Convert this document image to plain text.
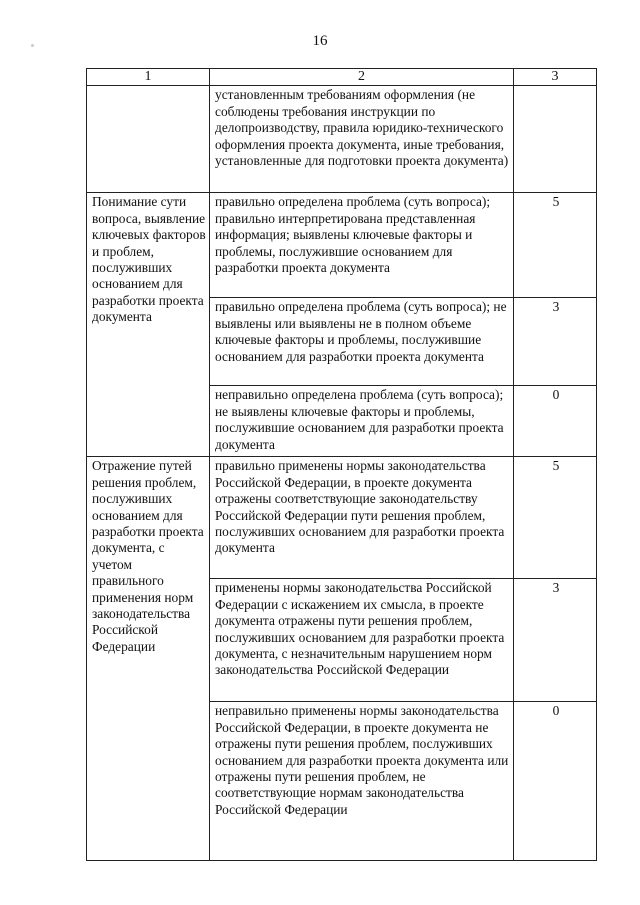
16
1	2	3
	установленным требованиям оформления (не соблюдены требования инструкции по делопроизводству, правила юридико-технического оформления проекта документа, иные требования, установленные для подготовки проекта документа)	
Понимание сути вопроса, выявление ключевых факторов и проблем, послуживших основанием для разработки проекта документа	правильно определена проблема (суть вопроса); правильно интерпретирована представленная информация; выявлены ключевые факторы и проблемы, послужившие основанием для разработки проекта документа	5
	правильно определена проблема (суть вопроса); не выявлены или выявлены не в полном объеме ключевые факторы и проблемы, послужившие основанием для разработки проекта документа	3
	неправильно определена проблема (суть вопроса); не выявлены ключевые факторы и проблемы, послужившие основанием для разработки проекта документа	0
Отражение путей решения проблем, послуживших основанием для разработки проекта документа, с учетом правильного применения норм законодательства Российской Федерации	правильно применены нормы законодательства Российской Федерации, в проекте документа отражены соответствующие законодательству Российской Федерации пути решения проблем, послуживших основанием для разработки проекта документа	5
	применены нормы законодательства Российской Федерации с искажением их смысла, в проекте документа отражены пути решения проблем, послуживших основанием для разработки проекта документа, с незначительным нарушением норм законодательства Российской Федерации	3
	неправильно применены нормы законодательства Российской Федерации, в проекте документа не отражены пути решения проблем, послуживших основанием для разработки проекта документа или отражены пути решения проблем, не соответствующие нормам законодательства Российской Федерации	0
